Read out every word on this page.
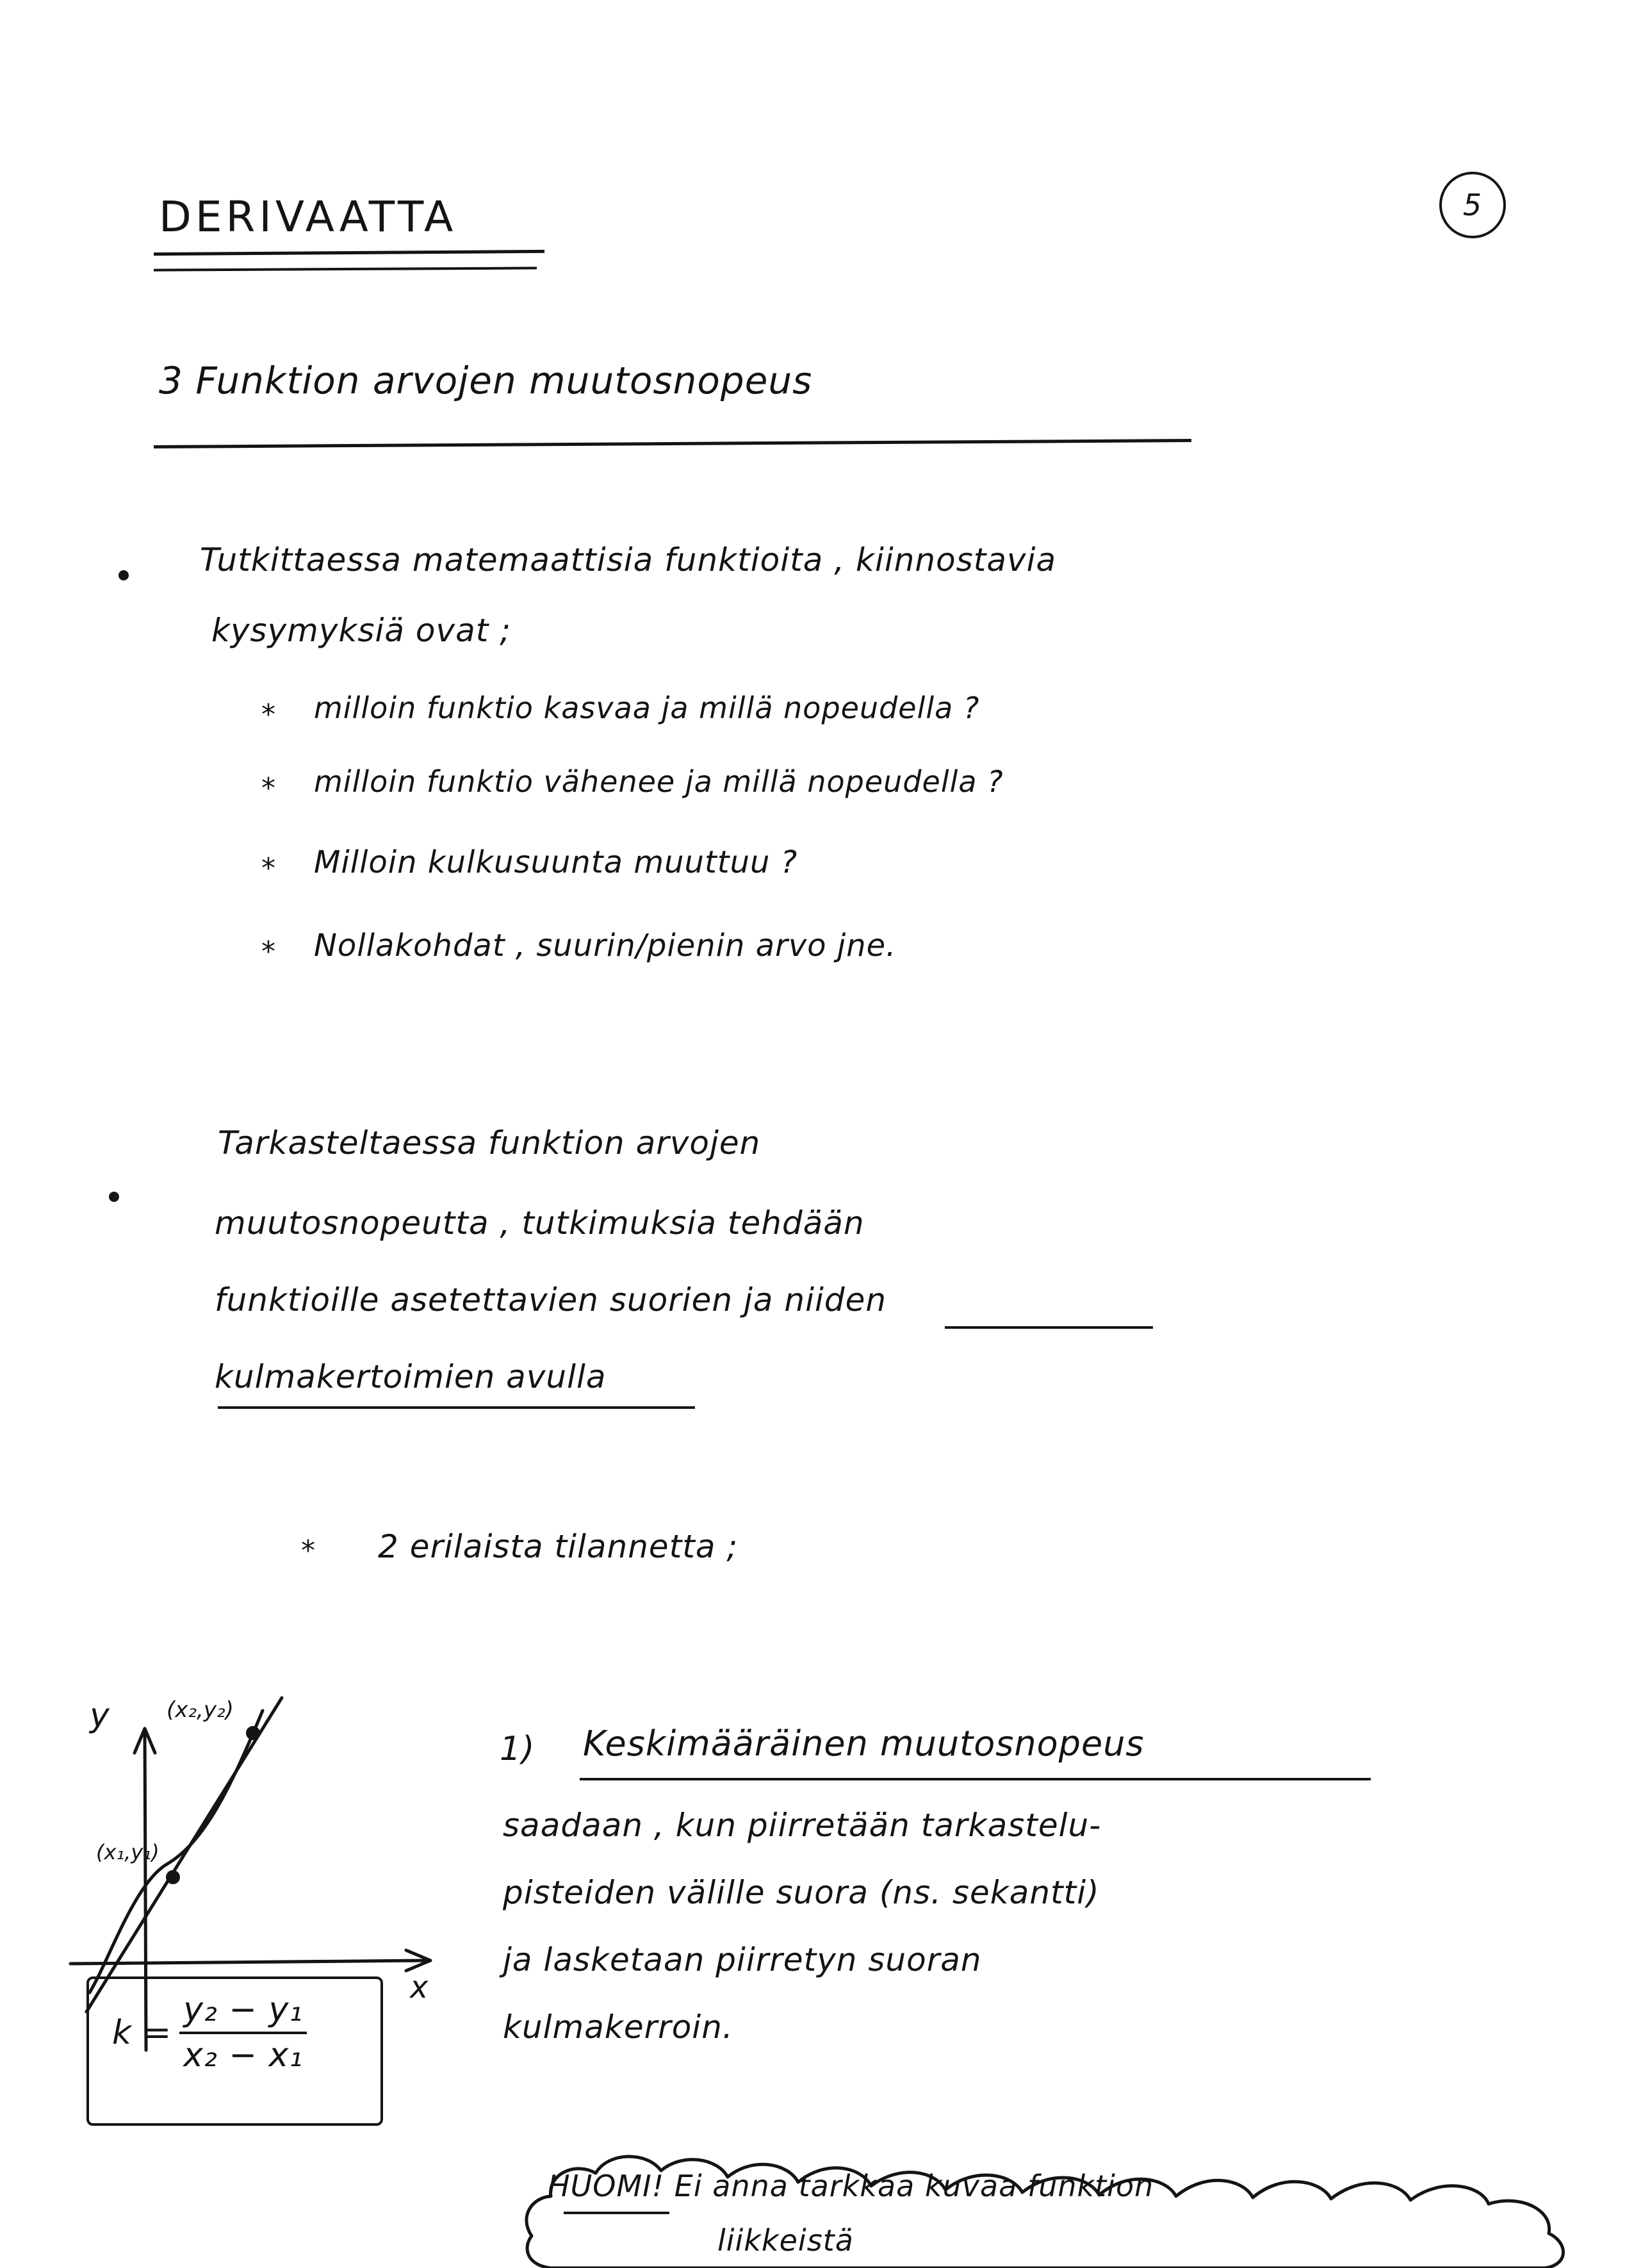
5
DERIVAATTA
3 Funktion arvojen muutosnopeus
Tutkittaessa matemaattisia funktioita , kiinnostavia
kysymyksiä ovat ;
* milloin funktio kasvaa ja millä nopeudella ?
* milloin funktio vähenee ja millä nopeudella ?
* Milloin kulkusuunta muuttuu ?
* Nollakohdat , suurin/pienin arvo jne.
Tarkasteltaessa funktion arvojen
muutosnopeutta , tutkimuksia tehdään
funktioille asetettavien suorien ja niiden
kulmakertoimien avulla
* 2 erilaista tilannetta ;
y
x
(x₂,y₂)
(x₁,y₁)
$k = \frac{\text{y₂ − y₁}}{\text{x₂ − x₁}}$
1) Keskimääräinen muutosnopeus
saadaan , kun piirretään tarkastelu-
pisteiden välille suora (ns. sekantti)
ja lasketaan piirretyn suoran
kulmakerroin.
HUOMI! Ei anna tarkkaa kuvaa funktion
liikkeistä
